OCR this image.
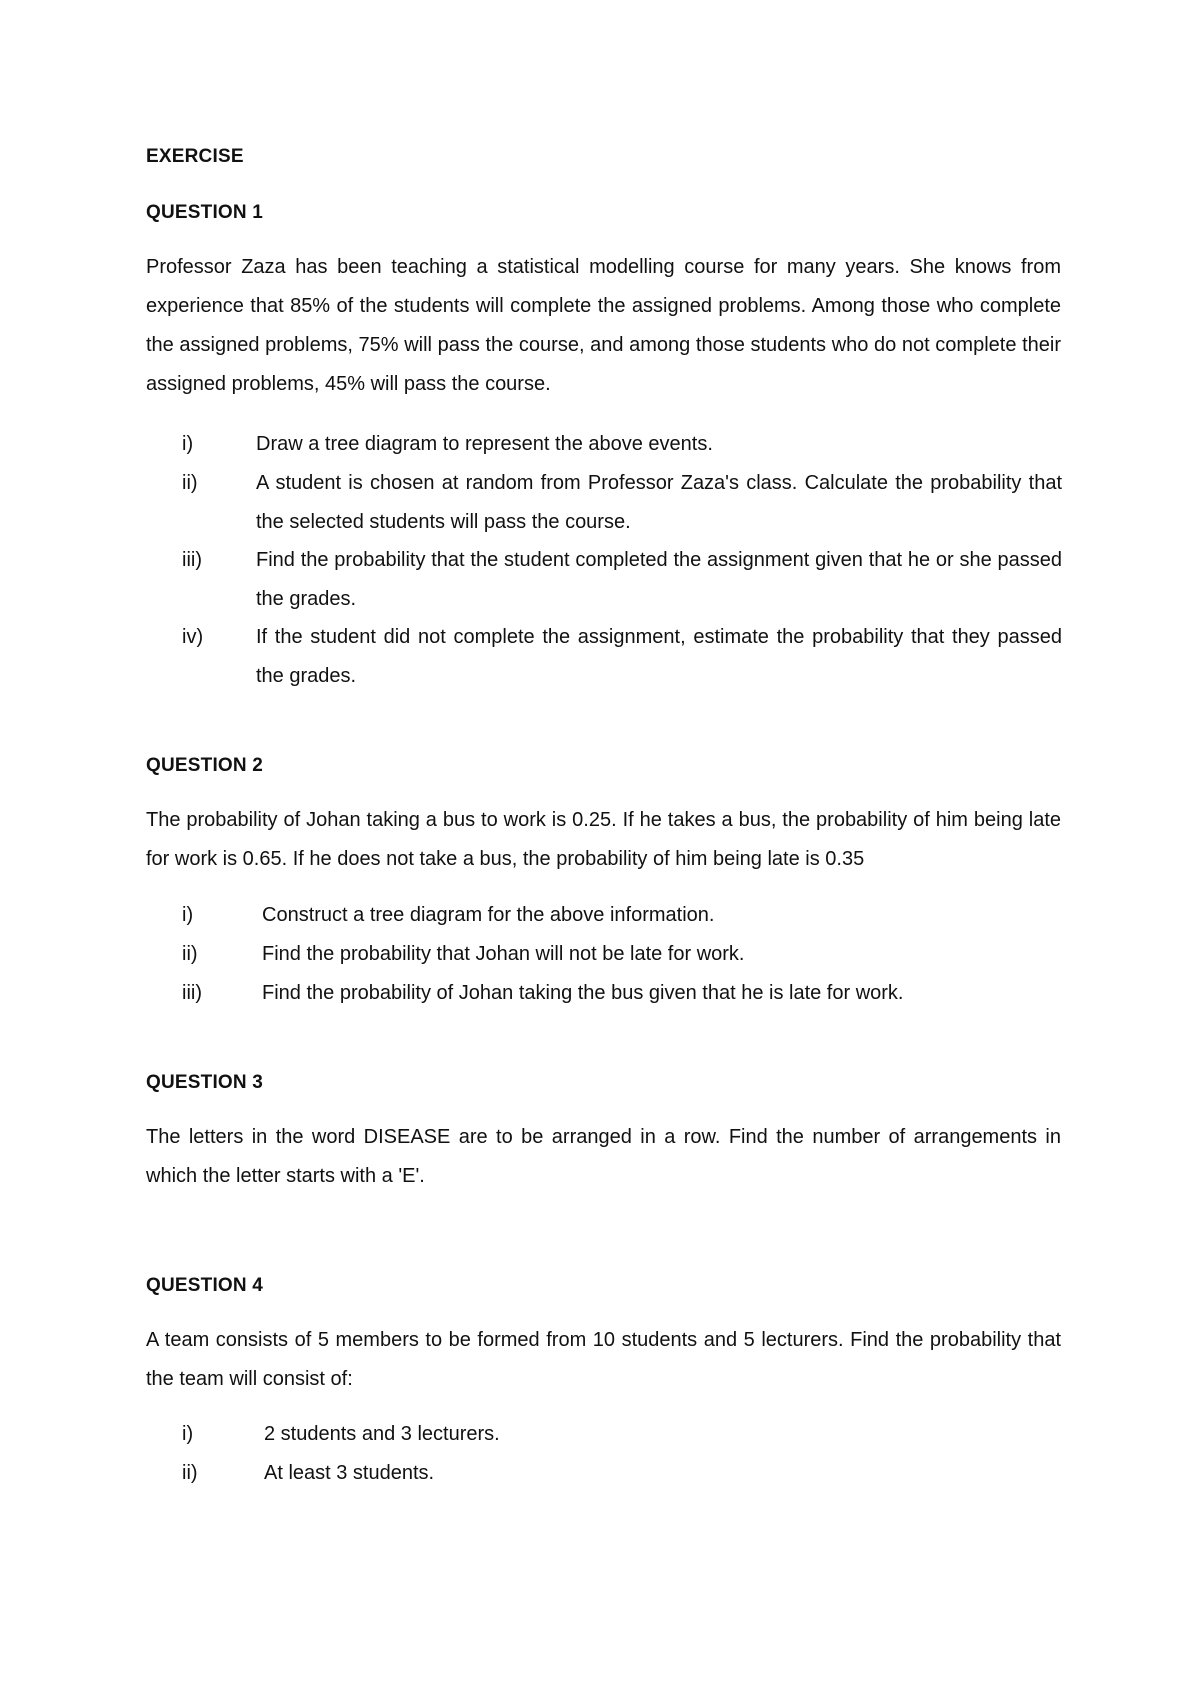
EXERCISE

QUESTION 1

Professor Zaza has been teaching a statistical modelling course for many years. She knows from experience that 85% of the students will complete the assigned problems. Among those who complete the assigned problems, 75% will pass the course, and among those students who do not complete their assigned problems, 45% will pass the course.

i)	Draw a tree diagram to represent the above events.
ii)	A student is chosen at random from Professor Zaza's class. Calculate the probability that the selected students will pass the course.
iii)	Find the probability that the student completed the assignment given that he or she passed the grades.
iv)	If the student did not complete the assignment, estimate the probability that they passed the grades.

QUESTION 2

The probability of Johan taking a bus to work is 0.25. If he takes a bus, the probability of him being late for work is 0.65. If he does not take a bus, the probability of him being late is 0.35

i)	Construct a tree diagram for the above information.
ii)	Find the probability that Johan will not be late for work.
iii)	Find the probability of Johan taking the bus given that he is late for work.

QUESTION 3

The letters in the word DISEASE are to be arranged in a row. Find the number of arrangements in which the letter starts with a 'E'.

QUESTION 4

A team consists of 5 members to be formed from 10 students and 5 lecturers. Find the probability that the team will consist of:

i)	2 students and 3 lecturers.
ii)	At least 3 students.
